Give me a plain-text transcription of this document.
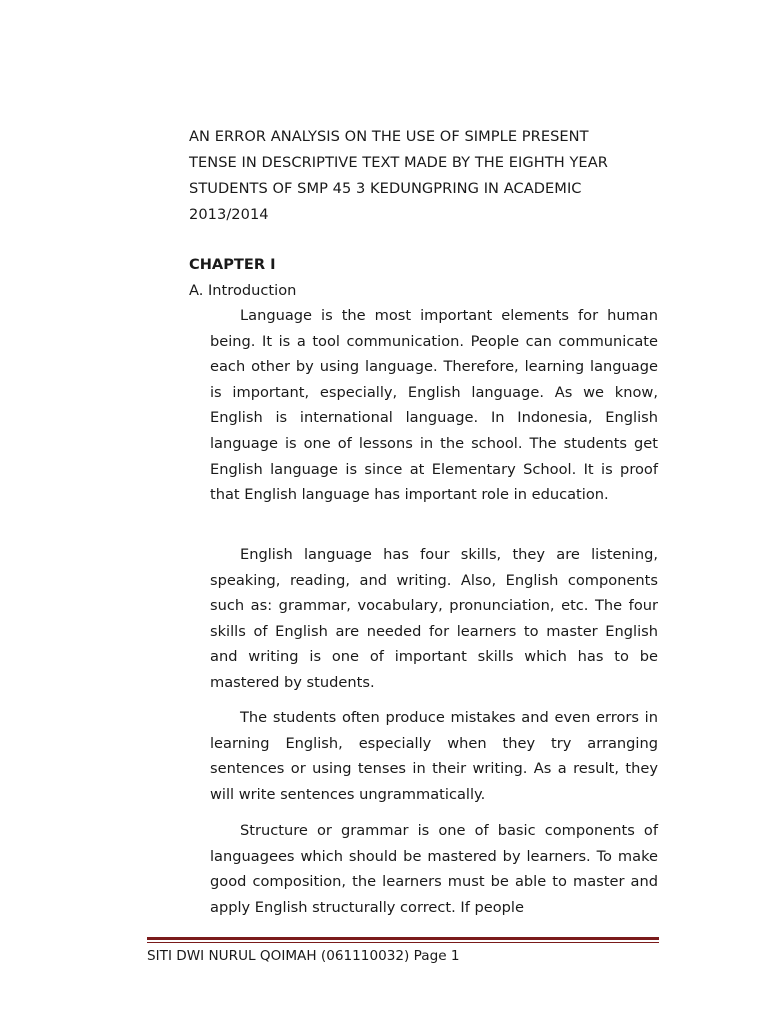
AN ERROR ANALYSIS ON THE USE OF SIMPLE PRESENT
TENSE IN DESCRIPTIVE TEXT MADE BY THE EIGHTH YEAR
STUDENTS OF SMP 45 3 KEDUNGPRING IN ACADEMIC
2013/2014
CHAPTER I
A. Introduction

Language is the most important elements for human being. It is a tool communication. People can communicate each other by using language. Therefore, learning language is important, especially, English language. As we know, English is international language. In Indonesia, English language is one of lessons in the school. The students get English language is since at Elementary School. It is proof that English language has important role in education.

English language has four skills, they are listening, speaking, reading, and writing. Also, English components such as: grammar, vocabulary, pronunciation, etc. The four skills of English are needed for learners to master English and writing is one of important skills which has to be mastered by students.

The students often produce mistakes and even errors in learning English, especially when they try arranging sentences or using tenses in their writing. As a result, they will write sentences ungrammatically.

Structure or grammar is one of basic components of languagees which should be mastered by learners. To make good composition, the learners must be able to master and apply English structurally correct. If people

SITI DWI NURUL QOIMAH (061110032) Page 1
